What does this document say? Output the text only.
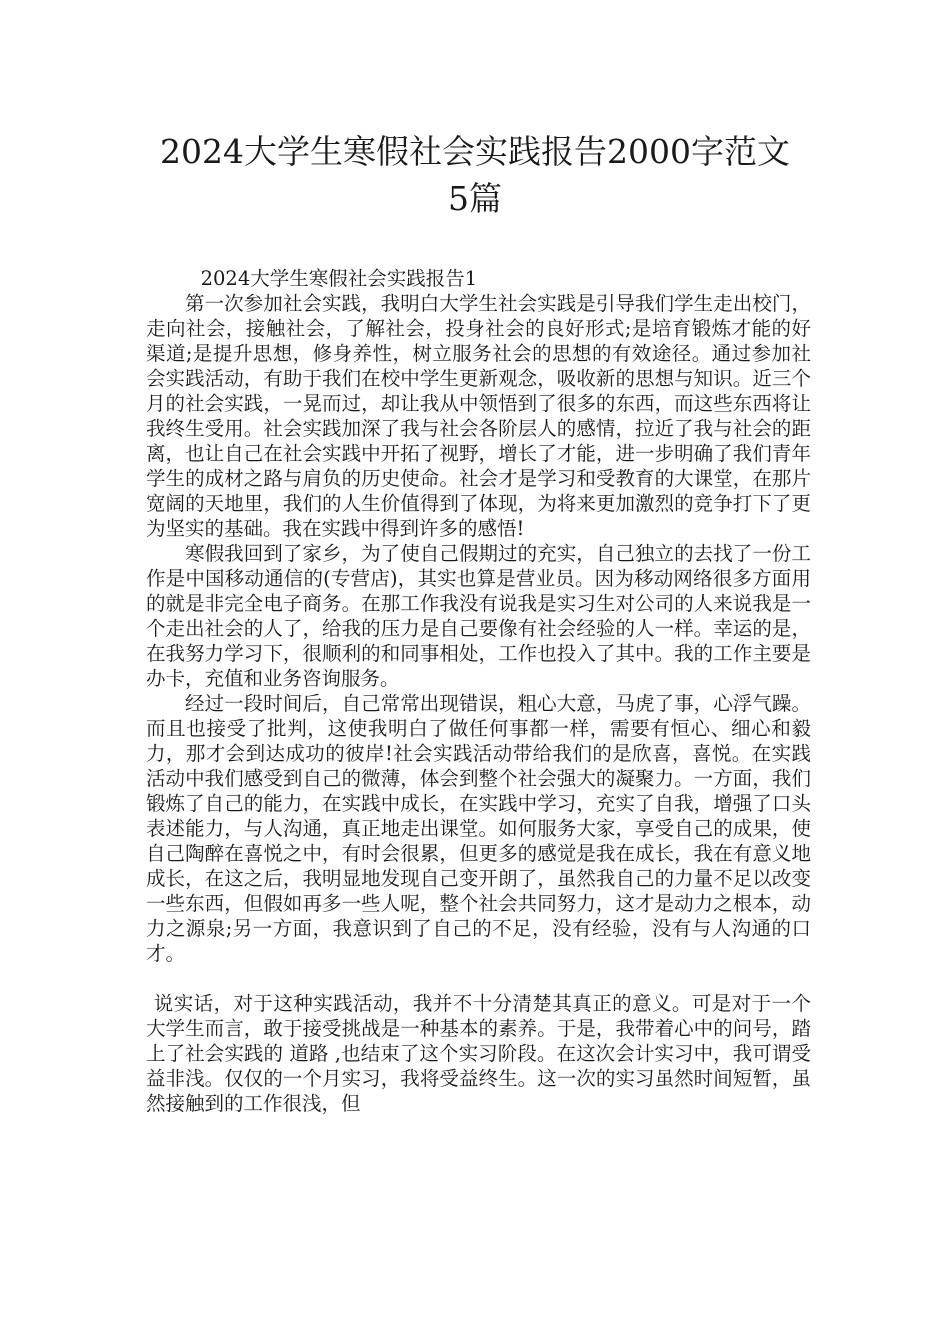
2024大学生寒假社会实践报告2000字范文
5篇

2024大学生寒假社会实践报告1

第一次参加社会实践，我明白大学生社会实践是引导我们学生走出校门，走向社会，接触社会，了解社会，投身社会的良好形式;是培育锻炼才能的好渠道;是提升思想，修身养性，树立服务社会的思想的有效途径。通过参加社会实践活动，有助于我们在校中学生更新观念，吸收新的思想与知识。近三个月的社会实践，一晃而过，却让我从中领悟到了很多的东西，而这些东西将让我终生受用。社会实践加深了我与社会各阶层人的感情，拉近了我与社会的距离，也让自己在社会实践中开拓了视野，增长了才能，进一步明确了我们青年学生的成材之路与肩负的历史使命。社会才是学习和受教育的大课堂，在那片宽阔的天地里，我们的人生价值得到了体现，为将来更加激烈的竞争打下了更为坚实的基础。我在实践中得到许多的感悟!

寒假我回到了家乡，为了使自己假期过的充实，自己独立的去找了一份工作是中国移动通信的(专营店)，其实也算是营业员。因为移动网络很多方面用的就是非完全电子商务。在那工作我没有说我是实习生对公司的人来说我是一个走出社会的人了，给我的压力是自己要像有社会经验的人一样。幸运的是，在我努力学习下，很顺利的和同事相处，工作也投入了其中。我的工作主要是办卡，充值和业务咨询服务。

经过一段时间后，自己常常出现错误，粗心大意，马虎了事，心浮气躁。而且也接受了批判，这使我明白了做任何事都一样，需要有恒心、细心和毅力，那才会到达成功的彼岸!社会实践活动带给我们的是欣喜，喜悦。在实践活动中我们感受到自己的微薄，体会到整个社会强大的凝聚力。一方面，我们锻炼了自己的能力，在实践中成长，在实践中学习，充实了自我，增强了口头表述能力，与人沟通，真正地走出课堂。如何服务大家，享受自己的成果，使自己陶醉在喜悦之中，有时会很累，但更多的感觉是我在成长，我在有意义地成长，在这之后，我明显地发现自己变开朗了，虽然我自己的力量不足以改变一些东西，但假如再多一些人呢，整个社会共同努力，这才是动力之根本，动力之源泉;另一方面，我意识到了自己的不足，没有经验，没有与人沟通的口才。

说实话，对于这种实践活动，我并不十分清楚其真正的意义。可是对于一个大学生而言，敢于接受挑战是一种基本的素养。于是，我带着心中的问号，踏上了社会实践的 道路 ,也结束了这个实习阶段。在这次会计实习中，我可谓受益非浅。仅仅的一个月实习，我将受益终生。这一次的实习虽然时间短暂，虽然接触到的工作很浅，但
